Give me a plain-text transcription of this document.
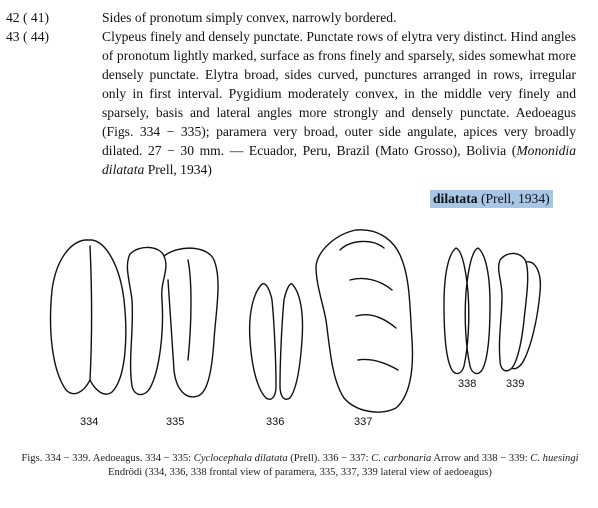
42 ( 41)	Sides of pronotum simply convex, narrowly bordered.
43 ( 44)	Clypeus finely and densely punctate. Punctate rows of elytra very distinct. Hind angles of pronotum lightly marked, surface as frons finely and sparsely, sides somewhat more densely punctate. Elytra broad, sides curved, punctures arranged in rows, irregular only in first interval. Pygidium moderately convex, in the middle very finely and sparsely, basis and lateral angles more strongly and densely punctate. Aedoeagus (Figs. 334 − 335); paramera very broad, outer side angulate, apices very broadly dilated. 27 − 30 mm. — Ecuador, Peru, Brazil (Mato Grosso), Bolivia (Mononidia dilatata Prell, 1934)
dilatata (Prell, 1934)
334	335	336	337
338	339
Figs. 334 − 339. Aedoeagus. 334 − 335: Cyclocephala dilatata (Prell). 336 − 337: C. carbonaria Arrow and 338 − 339: C. huesingi Endrödi (334, 336, 338 frontal view of paramera, 335, 337, 339 lateral view of aedoeagus)
